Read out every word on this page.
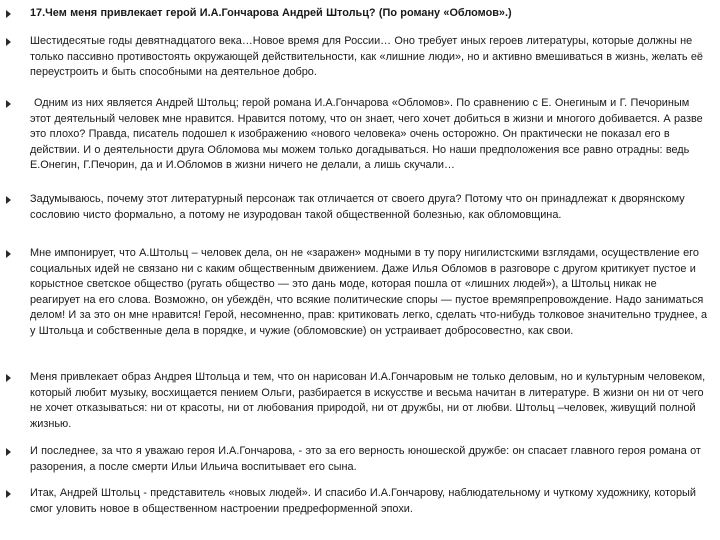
17.Чем меня привлекает герой И.А.Гончарова Андрей Штольц? (По роману «Обломов».)
Шестидесятые годы девятнадцатого века…Новое время для России… Оно требует иных героев литературы, которые должны не только пассивно противостоять окружающей действительности, как «лишние люди», но и активно вмешиваться в жизнь, желать её переустроить и быть способными на деятельное добро.
Одним из них является Андрей Штольц; герой романа И.А.Гончарова «Обломов». По сравнению с Е. Онегиным и Г. Печориным этот деятельный человек мне нравится. Нравится потому, что он знает, чего хочет добиться в жизни и многого добивается. А разве это плохо? Правда, писатель подошел к изображению «нового человека» очень осторожно. Он практически не показал его в действии. И о деятельности друга Обломова мы можем только догадываться. Но наши предположения все равно отрадны: ведь Е.Онегин, Г.Печорин, да и И.Обломов в жизни ничего не делали, а лишь скучали…
Задумываюсь, почему этот литературный персонаж так отличается от своего друга? Потому что он принадлежат к дворянскому сословию чисто формально, а потому не изуродован такой общественной болезнью, как обломовщина.
Мне импонирует, что А.Штольц – человек дела, он не «заражен» модными в ту пору нигилистскими взглядами, осуществление его социальных идей не связано ни с каким общественным движением. Даже Илья Обломов в разговоре с другом критикует пустое и корыстное светское общество (ругать общество — это дань моде, которая пошла от «лишних людей»), а Штольц никак не реагирует на его слова. Возможно, он убеждён, что всякие политические споры — пустое времяпрепровождение. Надо заниматься делом! И за это он мне нравится! Герой, несомненно, прав: критиковать легко, сделать что-нибудь толковое значительно труднее, а у Штольца и собственные дела в порядке, и чужие (обломовские) он устраивает добросовестно, как свои.
Меня привлекает образ Андрея Штольца и тем, что он нарисован И.А.Гончаровым не только деловым, но и культурным человеком, который любит музыку, восхищается пением Ольги, разбирается в искусстве и весьма начитан в литературе. В жизни он ни от чего не хочет отказываться: ни от красоты, ни от любования природой, ни от дружбы, ни от любви. Штольц –человек, живущий полной жизнью.
И последнее, за что я уважаю героя И.А.Гончарова, - это за его верность юношеской дружбе: он спасает главного героя романа от разорения, а после смерти Ильи Ильича воспитывает его сына.
Итак, Андрей Штольц - представитель «новых людей». И спасибо И.А.Гончарову, наблюдательному и чуткому художнику, который смог уловить новое в общественном настроении предреформенной эпохи.
